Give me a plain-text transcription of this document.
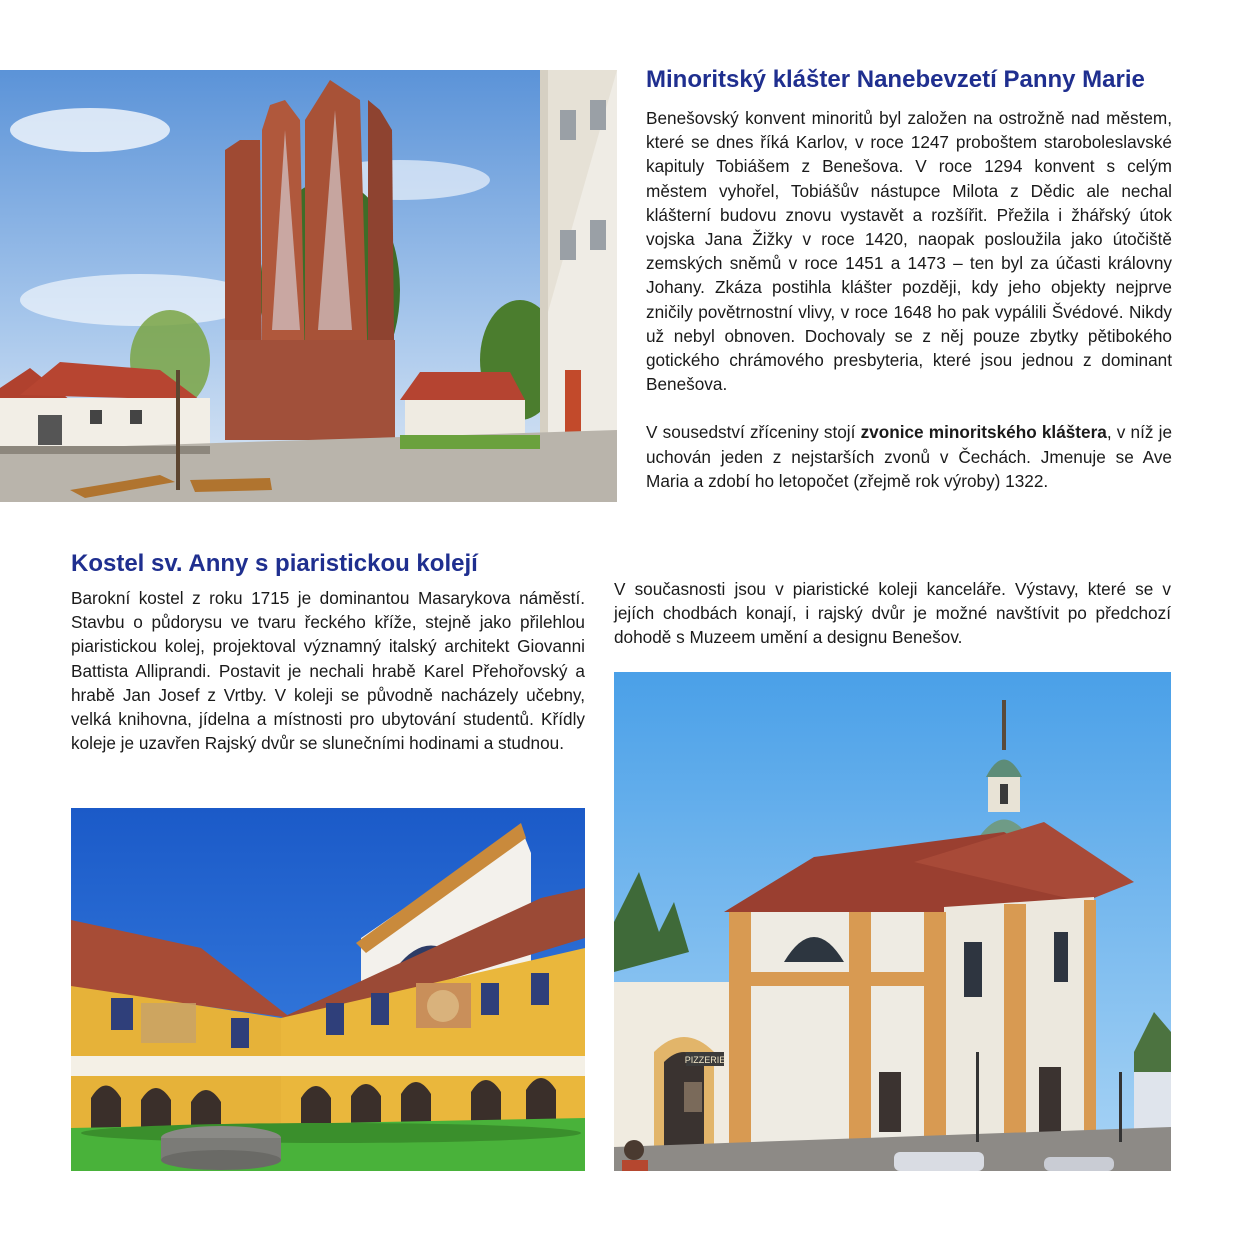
Minoritský klášter Nanebevzetí Panny Marie

Benešovský konvent minoritů byl založen na ostrožně nad městem, které se dnes říká Karlov, v roce 1247 proboštem staroboleslavské kapituly Tobiášem z Benešova. V roce 1294 konvent s celým městem vyhořel, Tobiášův nástupce Milota z Dědic ale nechal klášterní budovu znovu vystavět a rozšířit. Přežila i žhářský útok vojska Jana Žižky v roce 1420, naopak posloužila jako útočiště zemských sněmů v roce 1451 a 1473 – ten byl za účasti královny Johany. Zkáza postihla klášter později, kdy jeho objekty nejprve zničily povětrnostní vlivy, v roce 1648 ho pak vypálili Švédové. Nikdy už nebyl obnoven. Dochovaly se z něj pouze zbytky pětibokého gotického chrámového presbyteria, které jsou jednou z dominant Benešova.

V sousedství zříceniny stojí zvonice minoritského kláštera, v níž je uchován jeden z nejstarších zvonů v Čechách. Jmenuje se Ave Maria a zdobí ho letopočet (zřejmě rok výroby) 1322.

Kostel sv. Anny s piaristickou kolejí

Barokní kostel z roku 1715 je dominantou Masarykova náměstí. Stavbu o půdorysu ve tvaru řeckého kříže, stejně jako přilehlou piaristickou kolej, projektoval významný italský architekt Giovanni Battista Alliprandi. Postavit je nechali hrabě Karel Přehořovský a hrabě Jan Josef z Vrtby. V koleji se původně nacházely učebny, velká knihovna, jídelna a místnosti pro ubytování studentů. Křídly koleje je uzavřen Rajský dvůr se slunečními hodinami a studnou.

V současnosti jsou v piaristické koleji kanceláře. Výstavy, které se v jejích chodbách konají, i rajský dvůr je možné navštívit po předchozí dohodě s Muzeem umění a designu Benešov.

PIZZERIE
